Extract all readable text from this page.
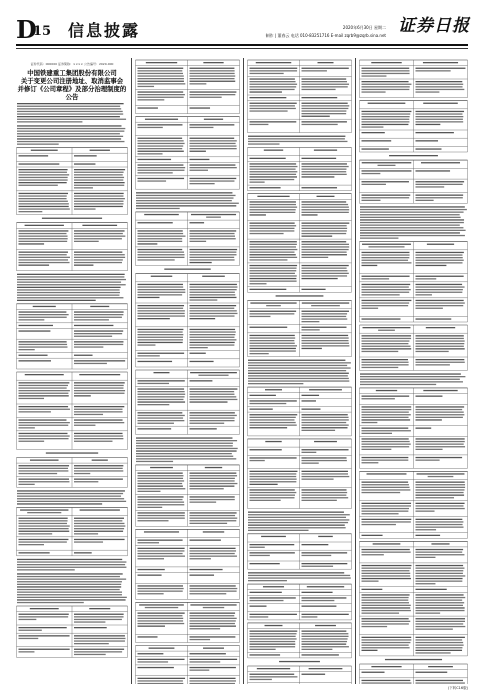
D
15 信息披露	2020年6月30日 星期二
制作 | 董春云 电话 010-83251716 E-mail zqrb9@zqrb.sina.net 证券日报
证券代码：000000 证券简称：×××× 公告编号：2020-000
中国铁建重工集团股份有限公司
关于变更公司注册地址、取消监事会
并修订《公司章程》及部分治理制度的
公告
(下转C16版)
